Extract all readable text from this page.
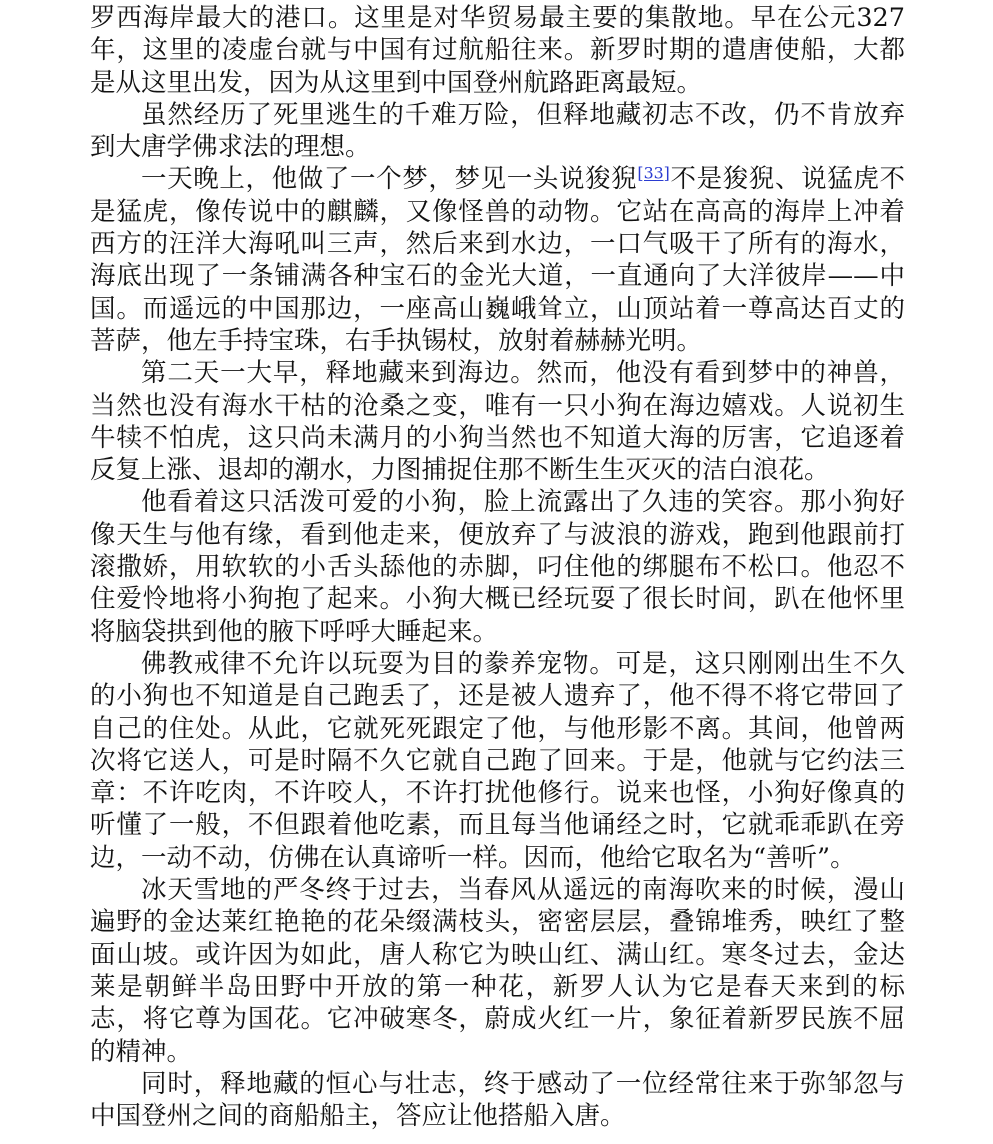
罗西海岸最大的港口。这里是对华贸易最主要的集散地。早在公元327年，这里的凌虚台就与中国有过航船往来。新罗时期的遣唐使船，大都是从这里出发，因为从这里到中国登州航路距离最短。

虽然经历了死里逃生的千难万险，但释地藏初志不改，仍不肯放弃到大唐学佛求法的理想。

一天晚上，他做了一个梦，梦见一头说狻猊[33]不是狻猊、说猛虎不是猛虎，像传说中的麒麟，又像怪兽的动物。它站在高高的海岸上冲着西方的汪洋大海吼叫三声，然后来到水边，一口气吸干了所有的海水，海底出现了一条铺满各种宝石的金光大道，一直通向了大洋彼岸——中国。而遥远的中国那边，一座高山巍峨耸立，山顶站着一尊高达百丈的菩萨，他左手持宝珠，右手执锡杖，放射着赫赫光明。

第二天一大早，释地藏来到海边。然而，他没有看到梦中的神兽，当然也没有海水干枯的沧桑之变，唯有一只小狗在海边嬉戏。人说初生牛犊不怕虎，这只尚未满月的小狗当然也不知道大海的厉害，它追逐着反复上涨、退却的潮水，力图捕捉住那不断生生灭灭的洁白浪花。

他看着这只活泼可爱的小狗，脸上流露出了久违的笑容。那小狗好像天生与他有缘，看到他走来，便放弃了与波浪的游戏，跑到他跟前打滚撒娇，用软软的小舌头舔他的赤脚，叼住他的绑腿布不松口。他忍不住爱怜地将小狗抱了起来。小狗大概已经玩耍了很长时间，趴在他怀里将脑袋拱到他的腋下呼呼大睡起来。

佛教戒律不允许以玩耍为目的豢养宠物。可是，这只刚刚出生不久的小狗也不知道是自己跑丢了，还是被人遗弃了，他不得不将它带回了自己的住处。从此，它就死死跟定了他，与他形影不离。其间，他曾两次将它送人，可是时隔不久它就自己跑了回来。于是，他就与它约法三章：不许吃肉，不许咬人，不许打扰他修行。说来也怪，小狗好像真的听懂了一般，不但跟着他吃素，而且每当他诵经之时，它就乖乖趴在旁边，一动不动，仿佛在认真谛听一样。因而，他给它取名为“善听”。

冰天雪地的严冬终于过去，当春风从遥远的南海吹来的时候，漫山遍野的金达莱红艳艳的花朵缀满枝头，密密层层，叠锦堆秀，映红了整面山坡。或许因为如此，唐人称它为映山红、满山红。寒冬过去，金达莱是朝鲜半岛田野中开放的第一种花，新罗人认为它是春天来到的标志，将它尊为国花。它冲破寒冬，蔚成火红一片，象征着新罗民族不屈的精神。

同时，释地藏的恒心与壮志，终于感动了一位经常往来于弥邹忽与中国登州之间的商船船主，答应让他搭船入唐。
